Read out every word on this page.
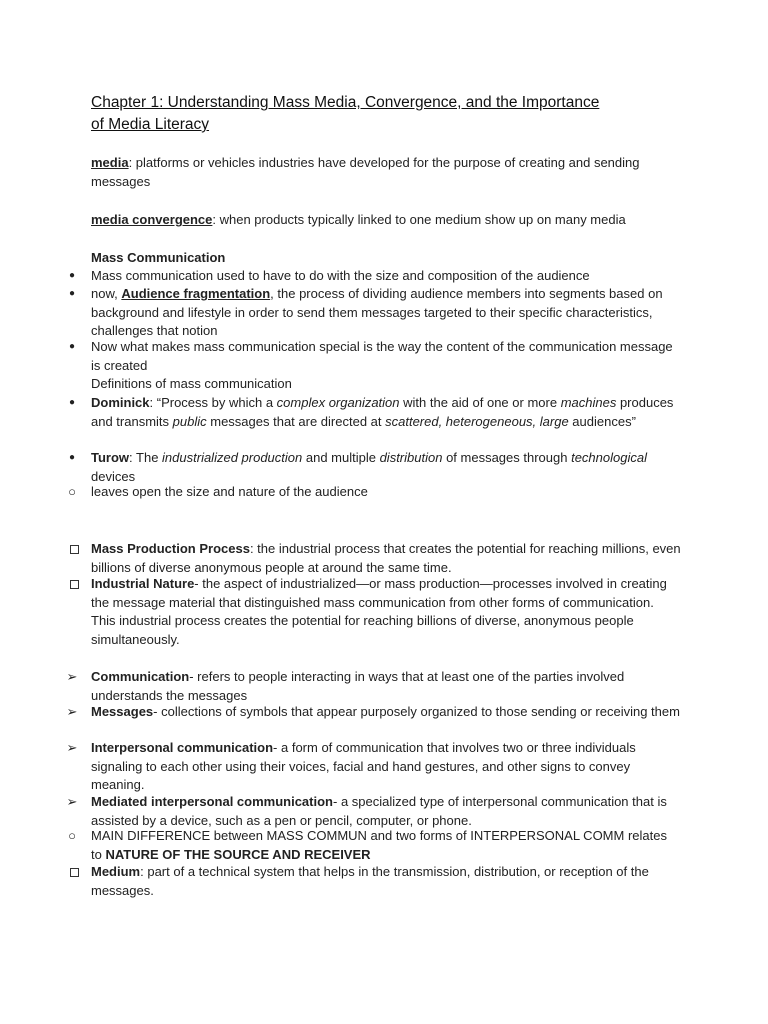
Chapter 1: Understanding Mass Media, Convergence, and the Importance
of Media Literacy
media: platforms or vehicles industries have developed for the purpose of creating and sending messages
media convergence: when products typically linked to one medium show up on many media
Mass Communication
●	Mass communication used to have to do with the size and composition of the audience
●	now, Audience fragmentation, the process of dividing audience members into segments based on background and lifestyle in order to send them messages targeted to their specific characteristics, challenges that notion
●	Now what makes mass communication special is the way the content of the communication message is created
Definitions of mass communication
●	Dominick: “Process by which a complex organization with the aid of one or more machines produces and transmits public messages that are directed at scattered, heterogeneous, large audiences”
●	Turow: The industrialized production and multiple distribution of messages through technological devices
○	leaves open the size and nature of the audience
Mass Production Process: the industrial process that creates the potential for reaching millions, even billions of diverse anonymous people at around the same time.
Industrial Nature- the aspect of industrialized—or mass production—processes involved in creating the message material that distinguished mass communication from other forms of communication. This industrial process creates the potential for reaching billions of diverse, anonymous people simultaneously.
➢ Communication- refers to people interacting in ways that at least one of the parties involved understands the messages
➢ Messages- collections of symbols that appear purposely organized to those sending or receiving them
➢ Interpersonal communication- a form of communication that involves two or three individuals signaling to each other using their voices, facial and hand gestures, and other signs to convey meaning.
➢ Mediated interpersonal communication- a specialized type of interpersonal communication that is assisted by a device, such as a pen or pencil, computer, or phone.
○	MAIN DIFFERENCE between MASS COMMUN and two forms of INTERPERSONAL COMM relates to NATURE OF THE SOURCE AND RECEIVER
Medium: part of a technical system that helps in the transmission, distribution, or reception of the messages.
